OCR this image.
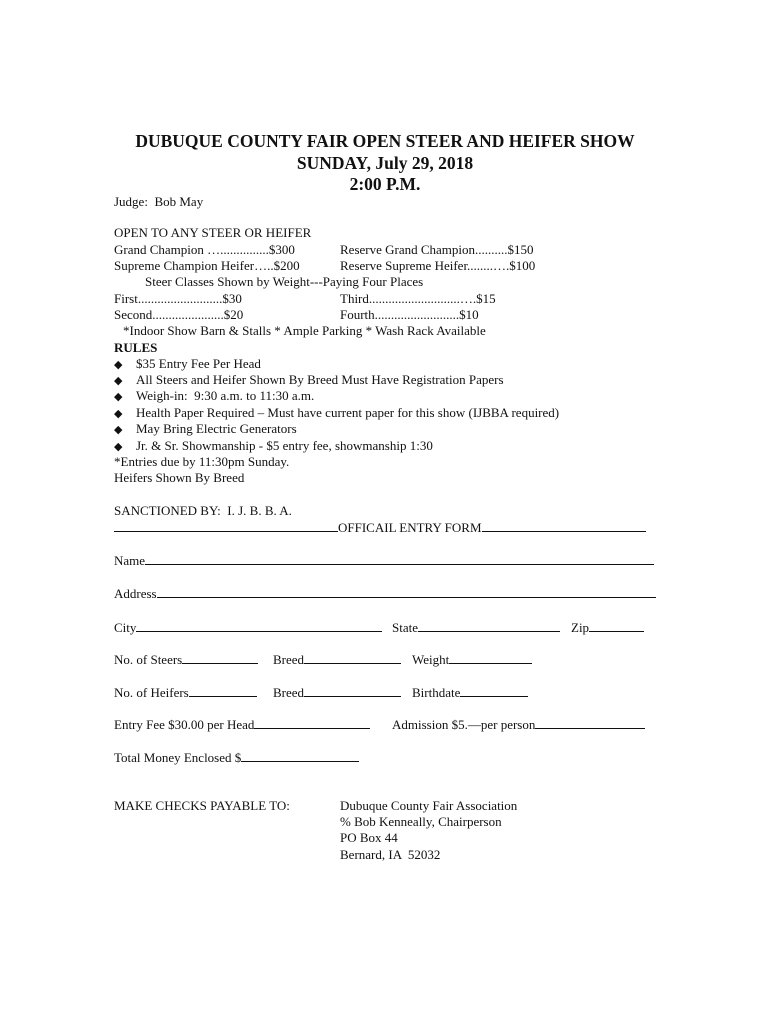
DUBUQUE COUNTY FAIR OPEN STEER AND HEIFER SHOW
SUNDAY, July 29, 2018
2:00 P.M.
Judge:  Bob May
OPEN TO ANY STEER OR HEIFER
Grand Champion …...............$300	Reserve Grand Champion..........$150
Supreme Champion Heifer…..$200	Reserve Supreme Heifer........….$100
Steer Classes Shown by Weight---Paying Four Places
First..........................$30	Third............................….$15
Second......................$20	Fourth..........................$10
*Indoor Show Barn & Stalls * Ample Parking * Wash Rack Available
RULES
◆ $35 Entry Fee Per Head
◆ All Steers and Heifer Shown By Breed Must Have Registration Papers
◆ Weigh-in:  9:30 a.m. to 11:30 a.m.
◆ Health Paper Required – Must have current paper for this show (IJBBA required)
◆ May Bring Electric Generators
◆ Jr. & Sr. Showmanship - $5 entry fee, showmanship 1:30
*Entries due by 11:30pm Sunday.
Heifers Shown By Breed
SANCTIONED BY:  I. J. B. B. A.
OFFICAIL ENTRY FORM
Name
Address
City	State	Zip
No. of Steers	Breed	Weight
No. of Heifers	Breed	Birthdate
Entry Fee $30.00 per Head	Admission $5.—per person
Total Money Enclosed $
MAKE CHECKS PAYABLE TO:	Dubuque County Fair Association
% Bob Kenneally, Chairperson
PO Box 44
Bernard, IA  52032
